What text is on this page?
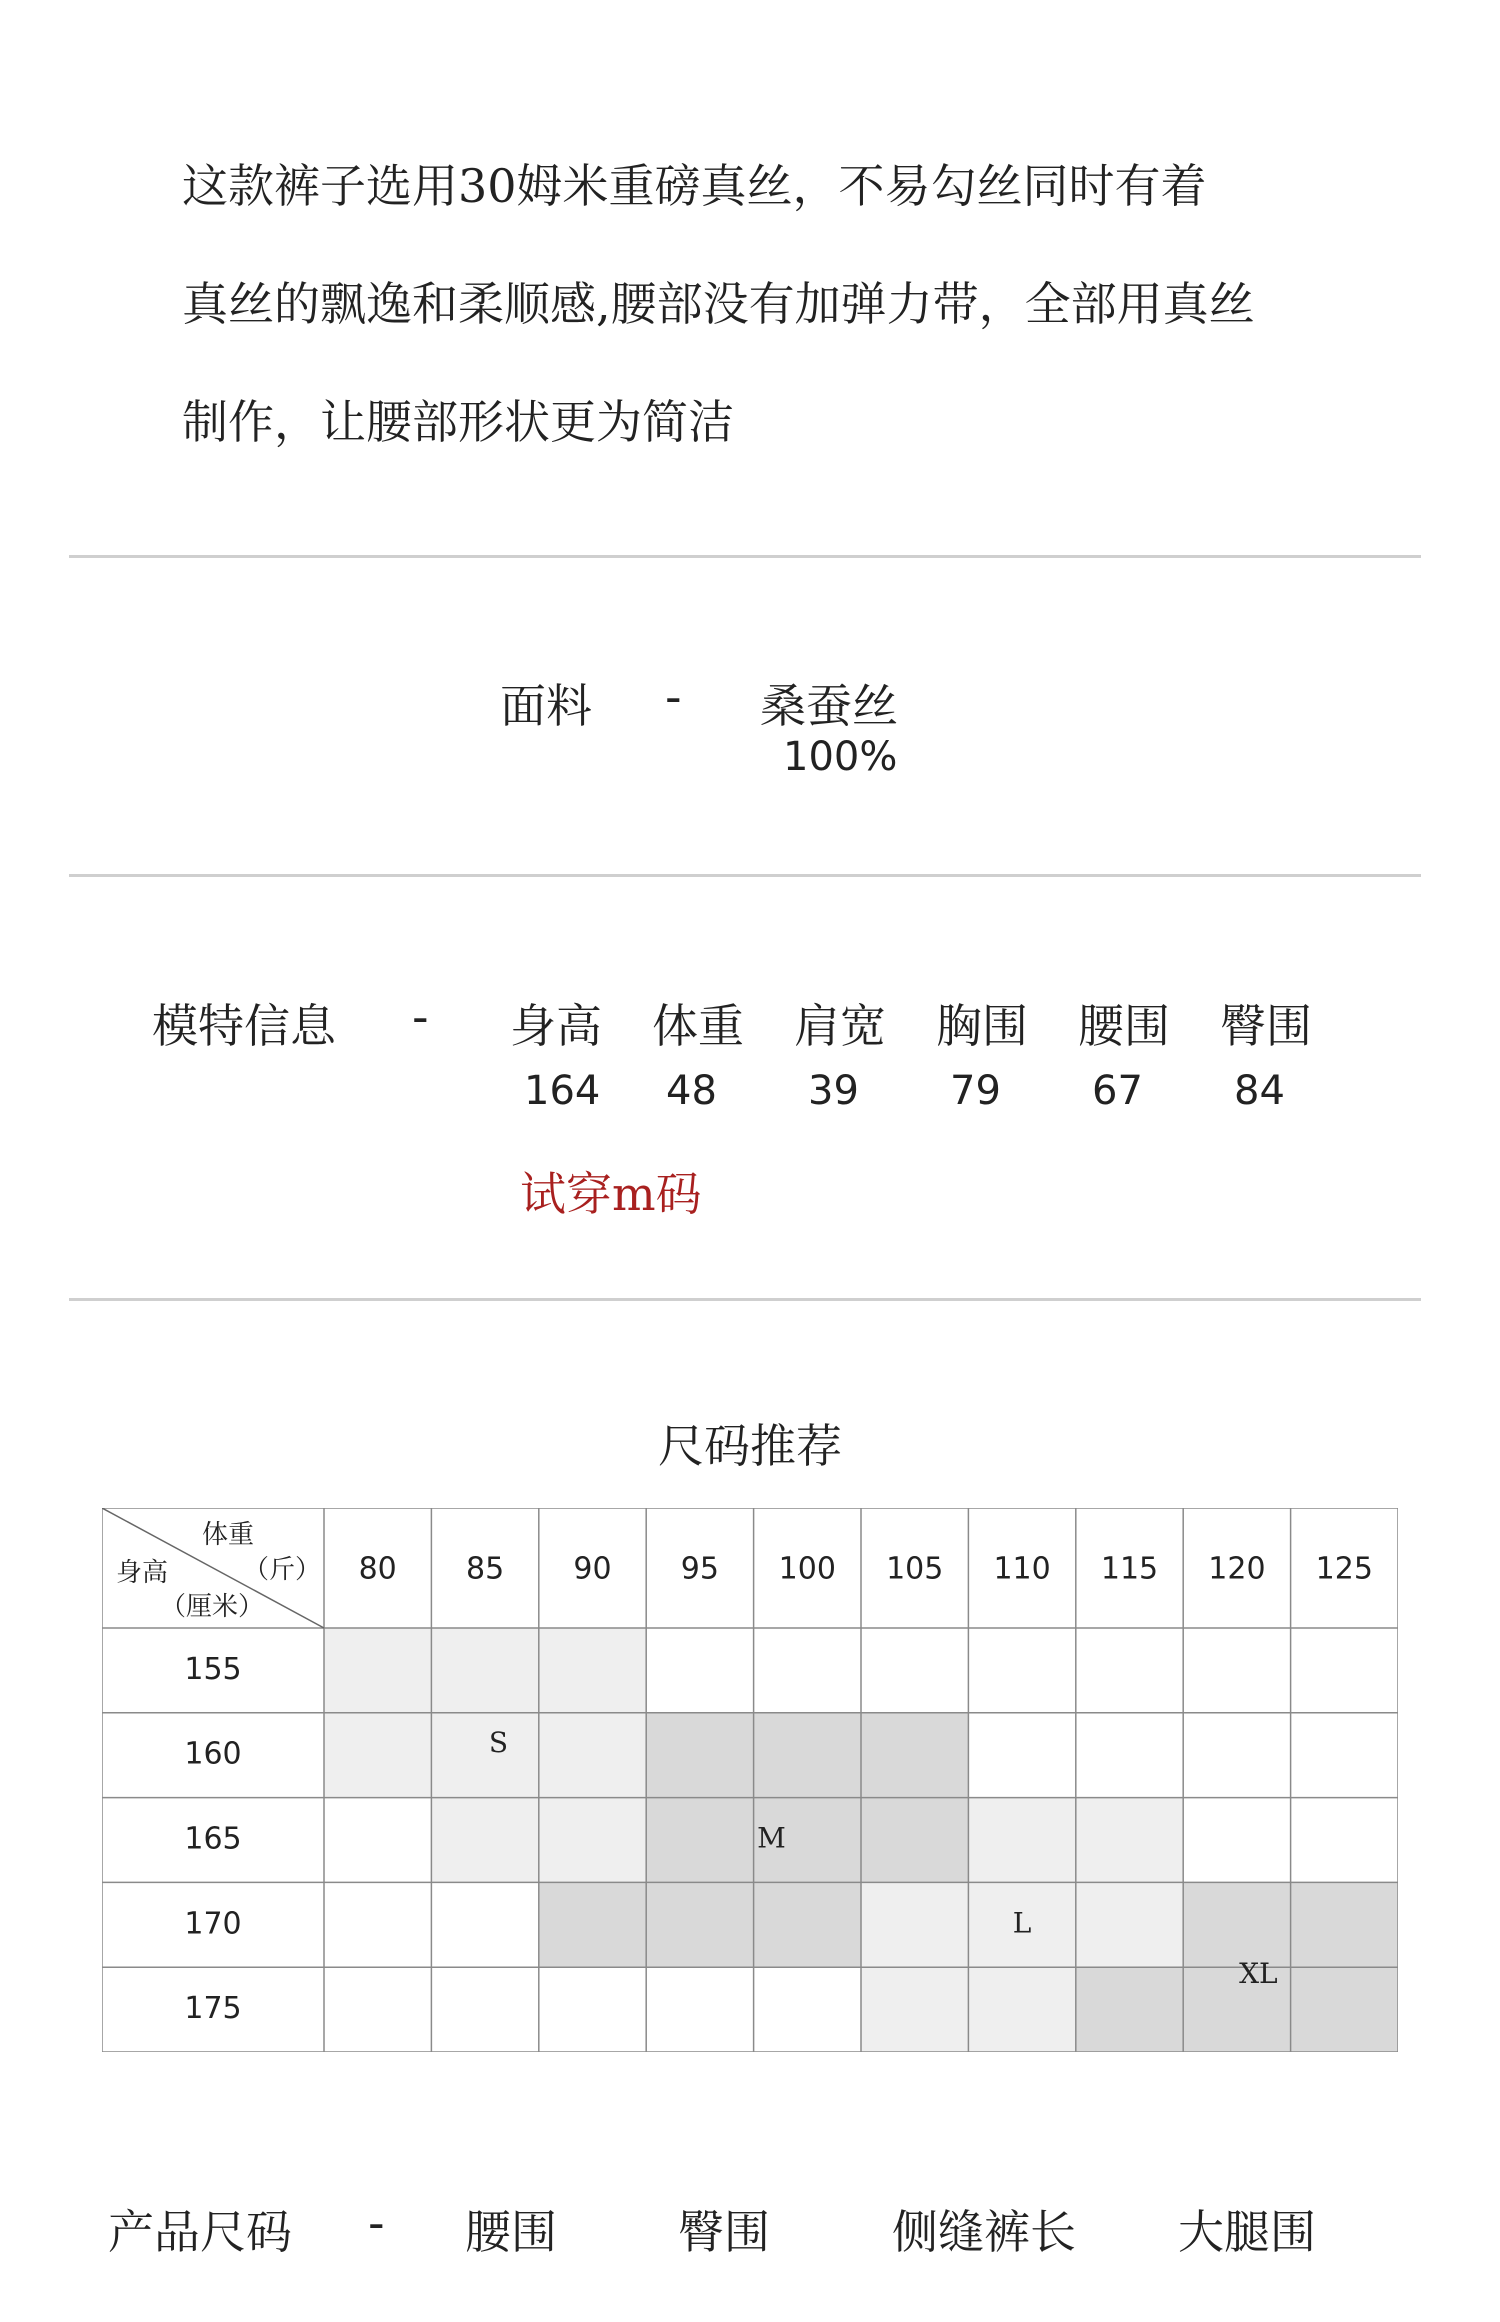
这款裤子选用30姆米重磅真丝，不易勾丝同时有着
真丝的飘逸和柔顺感,腰部没有加弹力带，全部用真丝
制作，让腰部形状更为简洁
面料 - 桑蚕丝
100%
模特信息 - 身高 体重 肩宽 胸围 腰围 臀围
164 48 39 79 67 84
试穿m码
尺码推荐
体重
（斤）
身高
（厘米）
80 85 90 95 100 105 110 115 120 125
155
160
165
170
175
S
M
L
XL
产品尺码 - 腰围	臀围	侧缝裤长 大腿围
